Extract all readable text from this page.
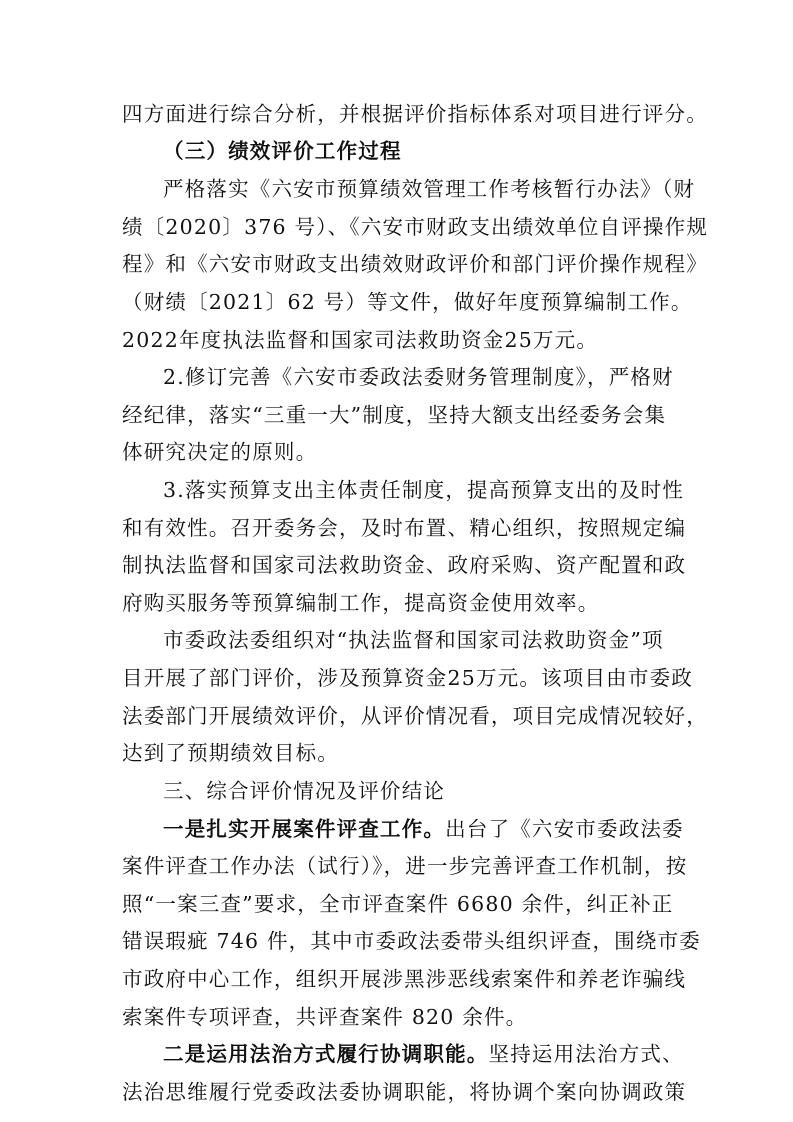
四方面进行综合分析，并根据评价指标体系对项目进行评分。
（三）绩效评价工作过程
严格落实《六安市预算绩效管理工作考核暂行办法》（财
绩〔2020〕376 号）、《六安市财政支出绩效单位自评操作规
程》和《六安市财政支出绩效财政评价和部门评价操作规程》
（财绩〔2021〕62 号）等文件，做好年度预算编制工作。
2022年度执法监督和国家司法救助资金25万元。
2.修订完善《六安市委政法委财务管理制度》，严格财
经纪律，落实“三重一大”制度，坚持大额支出经委务会集
体研究决定的原则。
3.落实预算支出主体责任制度，提高预算支出的及时性
和有效性。召开委务会，及时布置、精心组织，按照规定编
制执法监督和国家司法救助资金、政府采购、资产配置和政
府购买服务等预算编制工作，提高资金使用效率。
市委政法委组织对“执法监督和国家司法救助资金”项
目开展了部门评价，涉及预算资金25万元。该项目由市委政
法委部门开展绩效评价，从评价情况看，项目完成情况较好，
达到了预期绩效目标。
三、综合评价情况及评价结论
一是扎实开展案件评查工作。出台了《六安市委政法委
案件评查工作办法（试行）》，进一步完善评查工作机制，按
照“一案三查”要求，全市评查案件 6680 余件，纠正补正
错误瑕疵 746 件，其中市委政法委带头组织评查，围绕市委
市政府中心工作，组织开展涉黑涉恶线索案件和养老诈骗线
索案件专项评查，共评查案件 820 余件。
二是运用法治方式履行协调职能。坚持运用法治方式、
法治思维履行党委政法委协调职能，将协调个案向协调政策
